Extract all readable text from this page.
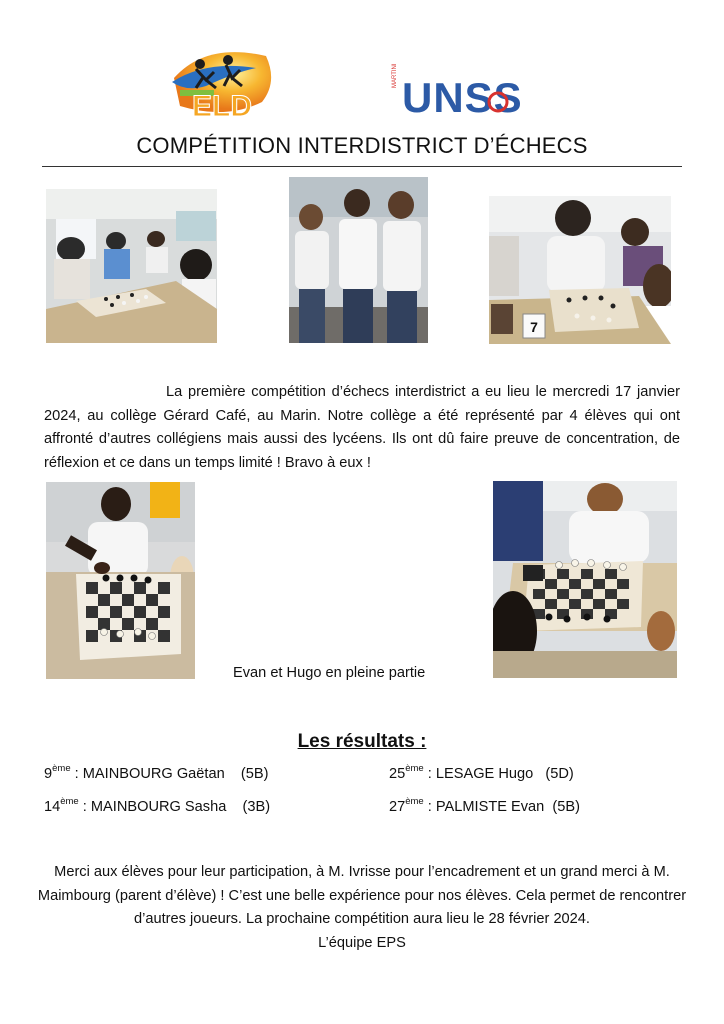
ELD
MARTINIQUE
UNSS
COMPÉTITION INTERDISTRICT D’ÉCHECS
7
La première compétition d’échecs interdistrict a eu lieu le mercredi 17 janvier 2024, au collège Gérard Café, au Marin. Notre collège a été représenté par 4 élèves qui ont affronté d’autres collégiens mais aussi des lycéens. Ils ont dû faire preuve de concentration, de réflexion et ce dans un temps limité ! Bravo à eux !
Evan et Hugo en pleine partie
Les résultats :
9ème : MAINBOURG Gaëtan    (5B)
14ème : MAINBOURG Sasha    (3B)
25ème : LESAGE Hugo   (5D)
27ème : PALMISTE Evan  (5B)
Merci aux élèves pour leur participation, à M. Ivrisse pour l’encadrement et un grand merci à M. Maimbourg (parent d’élève) ! C’est une belle expérience pour nos élèves. Cela permet de rencontrer d’autres joueurs. La prochaine compétition aura lieu le 28 février 2024.
L’équipe EPS
